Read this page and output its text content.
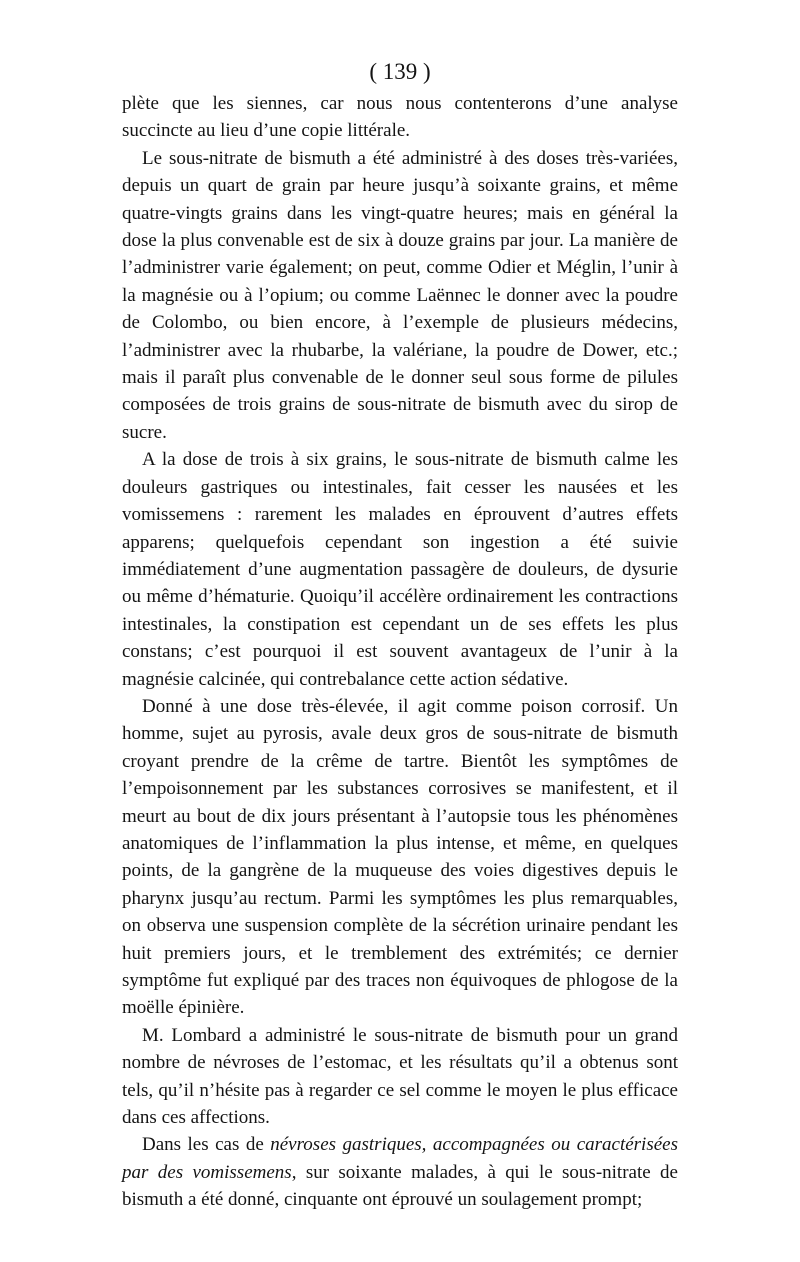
( 139 )

plète que les siennes, car nous nous contenterons d’une analyse succincte au lieu d’une copie littérale.

Le sous-nitrate de bismuth a été administré à des doses très-variées, depuis un quart de grain par heure jusqu’à soixante grains, et même quatre-vingts grains dans les vingt-quatre heures; mais en général la dose la plus convenable est de six à douze grains par jour. La manière de l’administrer varie également; on peut, comme Odier et Méglin, l’unir à la magnésie ou à l’opium; ou comme Laënnec le donner avec la poudre de Colombo, ou bien encore, à l’exemple de plusieurs médecins, l’administrer avec la rhubarbe, la valériane, la poudre de Dower, etc.; mais il paraît plus convenable de le donner seul sous forme de pilules composées de trois grains de sous-nitrate de bismuth avec du sirop de sucre.

A la dose de trois à six grains, le sous-nitrate de bismuth calme les douleurs gastriques ou intestinales, fait cesser les nausées et les vomissemens : rarement les malades en éprouvent d’autres effets apparens; quelquefois cependant son ingestion a été suivie immédiatement d’une augmentation passagère de douleurs, de dysurie ou même d’hématurie. Quoiqu’il accélère ordinairement les contractions intestinales, la constipation est cependant un de ses effets les plus constans; c’est pourquoi il est souvent avantageux de l’unir à la magnésie calcinée, qui contrebalance cette action sédative.

Donné à une dose très-élevée, il agit comme poison corrosif. Un homme, sujet au pyrosis, avale deux gros de sous-nitrate de bismuth croyant prendre de la crême de tartre. Bientôt les symptômes de l’empoisonnement par les substances corrosives se manifestent, et il meurt au bout de dix jours présentant à l’autopsie tous les phénomènes anatomiques de l’inflammation la plus intense, et même, en quelques points, de la gangrène de la muqueuse des voies digestives depuis le pharynx jusqu’au rectum. Parmi les symptômes les plus remarquables, on observa une suspension complète de la sécrétion urinaire pendant les huit premiers jours, et le tremblement des extrémités; ce dernier symptôme fut expliqué par des traces non équivoques de phlogose de la moëlle épinière.

M. Lombard a administré le sous-nitrate de bismuth pour un grand nombre de névroses de l’estomac, et les résultats qu’il a obtenus sont tels, qu’il n’hésite pas à regarder ce sel comme le moyen le plus efficace dans ces affections.

Dans les cas de névroses gastriques, accompagnées ou caractérisées par des vomissemens, sur soixante malades, à qui le sous-nitrate de bismuth a été donné, cinquante ont éprouvé un soulagement prompt;
